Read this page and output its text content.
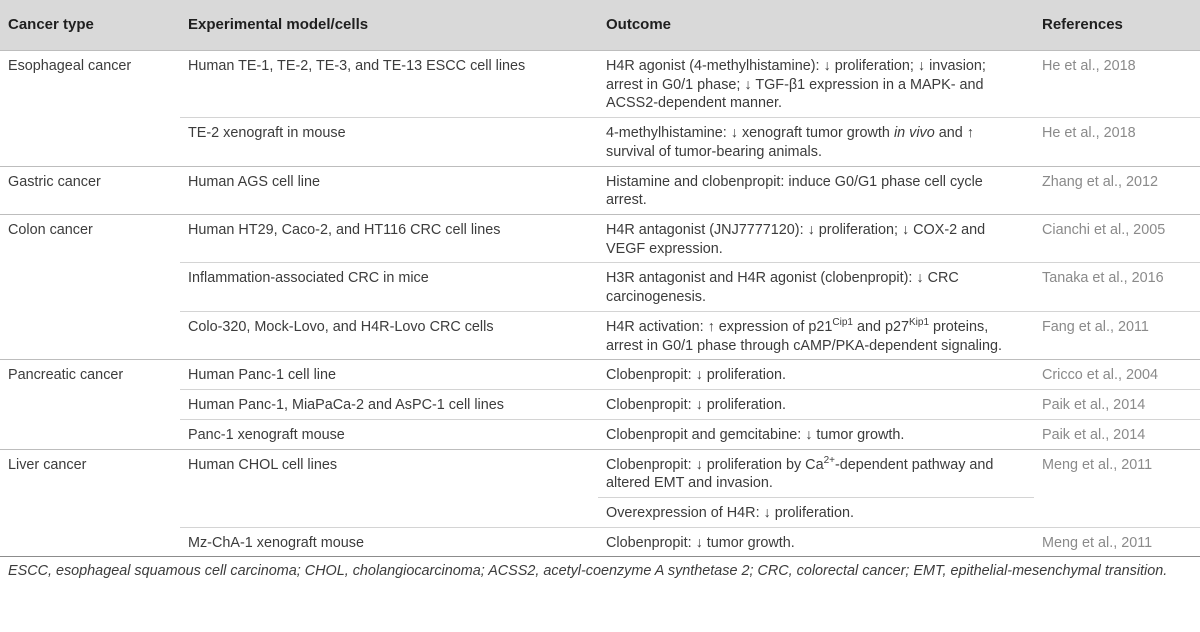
Cancer type	Experimental model/cells	Outcome	References
Esophageal cancer	Human TE-1, TE-2, TE-3, and TE-13 ESCC cell lines	H4R agonist (4-methylhistamine): ↓ proliferation; ↓ invasion; arrest in G0/1 phase; ↓ TGF-β1 expression in a MAPK- and ACSS2-dependent manner.	He et al., 2018
	TE-2 xenograft in mouse	4-methylhistamine: ↓ xenograft tumor growth in vivo and ↑ survival of tumor-bearing animals.	He et al., 2018
Gastric cancer	Human AGS cell line	Histamine and clobenpropit: induce G0/G1 phase cell cycle arrest.	Zhang et al., 2012
Colon cancer	Human HT29, Caco-2, and HT116 CRC cell lines	H4R antagonist (JNJ7777120): ↓ proliferation; ↓ COX-2 and VEGF expression.	Cianchi et al., 2005
	Inflammation-associated CRC in mice	H3R antagonist and H4R agonist (clobenpropit): ↓ CRC carcinogenesis.	Tanaka et al., 2016
	Colo-320, Mock-Lovo, and H4R-Lovo CRC cells	H4R activation: ↑ expression of $p21^{Cip1}$ and $p27^{Kip1}$ proteins, arrest in G0/1 phase through cAMP/PKA-dependent signaling.	Fang et al., 2011
Pancreatic cancer	Human Panc-1 cell line	Clobenpropit: ↓ proliferation.	Cricco et al., 2004
	Human Panc-1, MiaPaCa-2 and AsPC-1 cell lines	Clobenpropit: ↓ proliferation.	Paik et al., 2014
	Panc-1 xenograft mouse	Clobenpropit and gemcitabine: ↓ tumor growth.	Paik et al., 2014
Liver cancer	Human CHOL cell lines	Clobenpropit: ↓ proliferation by $Ca^{2+}$-dependent pathway and altered EMT and invasion.	Meng et al., 2011
		Overexpression of H4R: ↓ proliferation.	
	Mz-ChA-1 xenograft mouse	Clobenpropit: ↓ tumor growth.	Meng et al., 2011
ESCC, esophageal squamous cell carcinoma; CHOL, cholangiocarcinoma; ACSS2, acetyl-coenzyme A synthetase 2; CRC, colorectal cancer; EMT, epithelial-mesenchymal transition.
